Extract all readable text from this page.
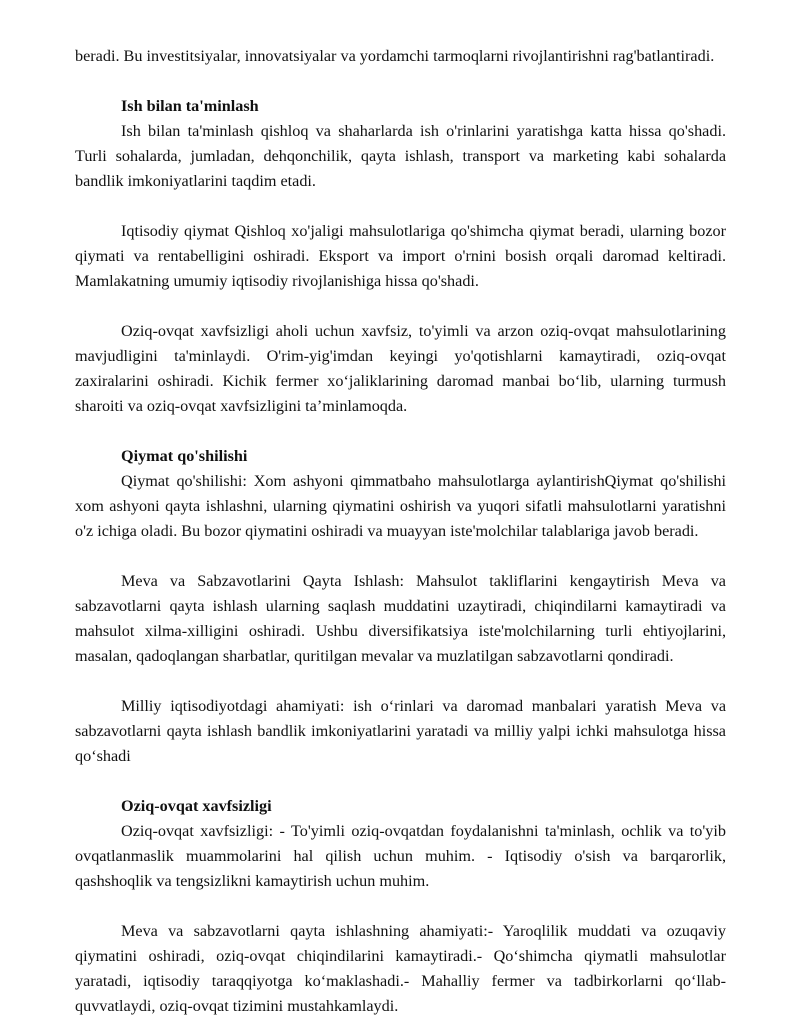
beradi. Bu investitsiyalar, innovatsiyalar va yordamchi tarmoqlarni rivojlantirishni rag'batlantiradi.

Ish bilan ta'minlash

Ish bilan ta'minlash qishloq va shaharlarda ish o'rinlarini yaratishga katta hissa qo'shadi. Turli sohalarda, jumladan, dehqonchilik, qayta ishlash, transport va marketing kabi sohalarda bandlik imkoniyatlarini taqdim etadi.

Iqtisodiy qiymat Qishloq xo'jaligi mahsulotlariga qo'shimcha qiymat beradi, ularning bozor qiymati va rentabelligini oshiradi. Eksport va import o'rnini bosish orqali daromad keltiradi. Mamlakatning umumiy iqtisodiy rivojlanishiga hissa qo'shadi.

Oziq-ovqat xavfsizligi aholi uchun xavfsiz, to'yimli va arzon oziq-ovqat mahsulotlarining mavjudligini ta'minlaydi. O'rim-yig'imdan keyingi yo'qotishlarni kamaytiradi, oziq-ovqat zaxiralarini oshiradi. Kichik fermer xo‘jaliklarining daromad manbai bo‘lib, ularning turmush sharoiti va oziq-ovqat xavfsizligini ta’minlamoqda.

Qiymat qo'shilishi

Qiymat qo'shilishi: Xom ashyoni qimmatbaho mahsulotlarga aylantirishQiymat qo'shilishi xom ashyoni qayta ishlashni, ularning qiymatini oshirish va yuqori sifatli mahsulotlarni yaratishni o'z ichiga oladi. Bu bozor qiymatini oshiradi va muayyan iste'molchilar talablariga javob beradi.

Meva va Sabzavotlarini Qayta Ishlash: Mahsulot takliflarini kengaytirish Meva va sabzavotlarni qayta ishlash ularning saqlash muddatini uzaytiradi, chiqindilarni kamaytiradi va mahsulot xilma-xilligini oshiradi. Ushbu diversifikatsiya iste'molchilarning turli ehtiyojlarini, masalan, qadoqlangan sharbatlar, quritilgan mevalar va muzlatilgan sabzavotlarni qondiradi.

Milliy iqtisodiyotdagi ahamiyati: ish o‘rinlari va daromad manbalari yaratish Meva va sabzavotlarni qayta ishlash bandlik imkoniyatlarini yaratadi va milliy yalpi ichki mahsulotga hissa qo‘shadi

Oziq-ovqat xavfsizligi

Oziq-ovqat xavfsizligi: - To'yimli oziq-ovqatdan foydalanishni ta'minlash, ochlik va to'yib ovqatlanmaslik muammolarini hal qilish uchun muhim. - Iqtisodiy o'sish va barqarorlik, qashshoqlik va tengsizlikni kamaytirish uchun muhim.

Meva va sabzavotlarni qayta ishlashning ahamiyati:- Yaroqlilik muddati va ozuqaviy qiymatini oshiradi, oziq-ovqat chiqindilarini kamaytiradi.- Qo‘shimcha qiymatli mahsulotlar yaratadi, iqtisodiy taraqqiyotga ko‘maklashadi.- Mahalliy fermer va tadbirkorlarni qo‘llab-quvvatlaydi, oziq-ovqat tizimini mustahkamlaydi.
